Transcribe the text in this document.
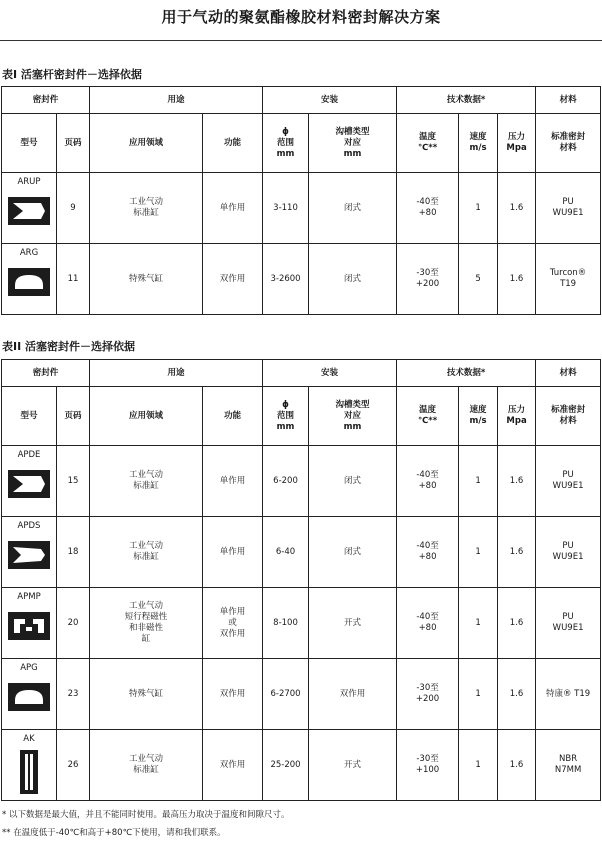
用于气动的聚氨酯橡胶材料密封解决方案
表I 活塞杆密封件－选择依据
密封件		用途		安装		技术数据*			材料
型号	页码	应用领域	功能	ϕ
范围
mm	沟槽类型
对应
mm	温度
℃**	速度
m/s	压力
Mpa	标准密封
材料

ARUP	9	工业气动
标准缸	单作用	3-110	闭式	-40至
+80	1	1.6	PU
WU9E1

ARG	11	特殊气缸	双作用	3-2600	闭式	-30至
+200	5	1.6	Turcon®
T19
表II 活塞密封件－选择依据
密封件		用途		安装		技术数据*			材料
型号	页码	应用领域	功能	ϕ
范围
mm	沟槽类型
对应
mm	温度
℃**	速度
m/s	压力
Mpa	标准密封
材料

APDE	15	工业气动
标准缸	单作用	6-200	闭式	-40至
+80	1	1.6	PU
WU9E1

APDS	18	工业气动
标准缸	单作用	6-40	闭式	-40至
+80	1	1.6	PU
WU9E1

APMP	20	工业气动
短行程磁性
和非磁性
缸	单作用
或
双作用	8-100	开式	-40至
+80	1	1.6	PU
WU9E1

APG	23	特殊气缸	双作用	6-2700	双作用	-30至
+200	1	1.6	特康® T19

AK	26	工业气动
标准缸	双作用	25-200	开式	-30至
+100	1	1.6	NBR
N7MM
* 以下数据是最大值，并且不能同时使用。最高压力取决于温度和间隙尺寸。
** 在温度低于-40℃和高于+80℃下使用，请和我们联系。
